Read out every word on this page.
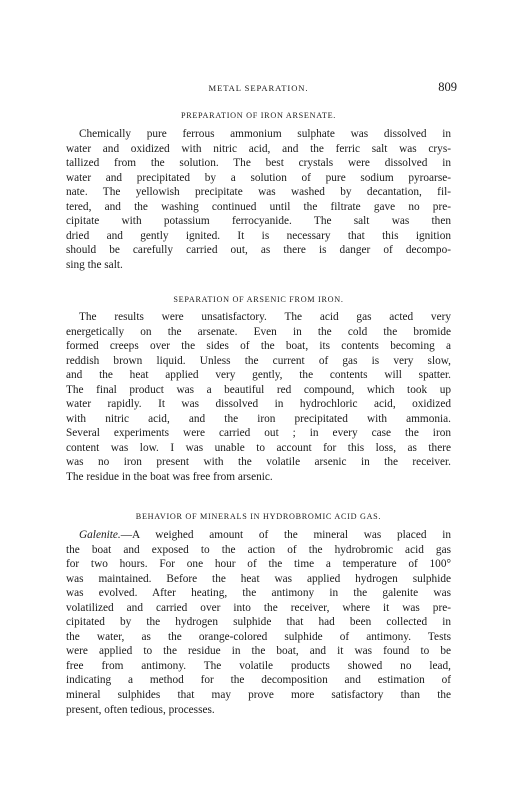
METAL SEPARATION.	809

PREPARATION OF IRON ARSENATE.

Chemically pure ferrous ammonium sulphate was dissolved in
water and oxidized with nitric acid, and the ferric salt was crys-
tallized from the solution. The best crystals were dissolved in
water and precipitated by a solution of pure sodium pyroarse-
nate. The yellowish precipitate was washed by decantation, fil-
tered, and the washing continued until the filtrate gave no pre-
cipitate with potassium ferrocyanide. The salt was then
dried and gently ignited. It is necessary that this ignition
should be carefully carried out, as there is danger of decompo-
sing the salt.

SEPARATION OF ARSENIC FROM IRON.

The results were unsatisfactory. The acid gas acted very
energetically on the arsenate. Even in the cold the bromide
formed creeps over the sides of the boat, its contents becoming a
reddish brown liquid. Unless the current of gas is very slow,
and the heat applied very gently, the contents will spatter.
The final product was a beautiful red compound, which took up
water rapidly. It was dissolved in hydrochloric acid, oxidized
with nitric acid, and the iron precipitated with ammonia.
Several experiments were carried out ; in every case the iron
content was low. I was unable to account for this loss, as there
was no iron present with the volatile arsenic in the receiver.
The residue in the boat was free from arsenic.

BEHAVIOR OF MINERALS IN HYDROBROMIC ACID GAS.

Galenite.—A weighed amount of the mineral was placed in
the boat and exposed to the action of the hydrobromic acid gas
for two hours. For one hour of the time a temperature of 100°
was maintained. Before the heat was applied hydrogen sulphide
was evolved. After heating, the antimony in the galenite was
volatilized and carried over into the receiver, where it was pre-
cipitated by the hydrogen sulphide that had been collected in
the water, as the orange-colored sulphide of antimony. Tests
were applied to the residue in the boat, and it was found to be
free from antimony. The volatile products showed no lead,
indicating a method for the decomposition and estimation of
mineral sulphides that may prove more satisfactory than the
present, often tedious, processes.
